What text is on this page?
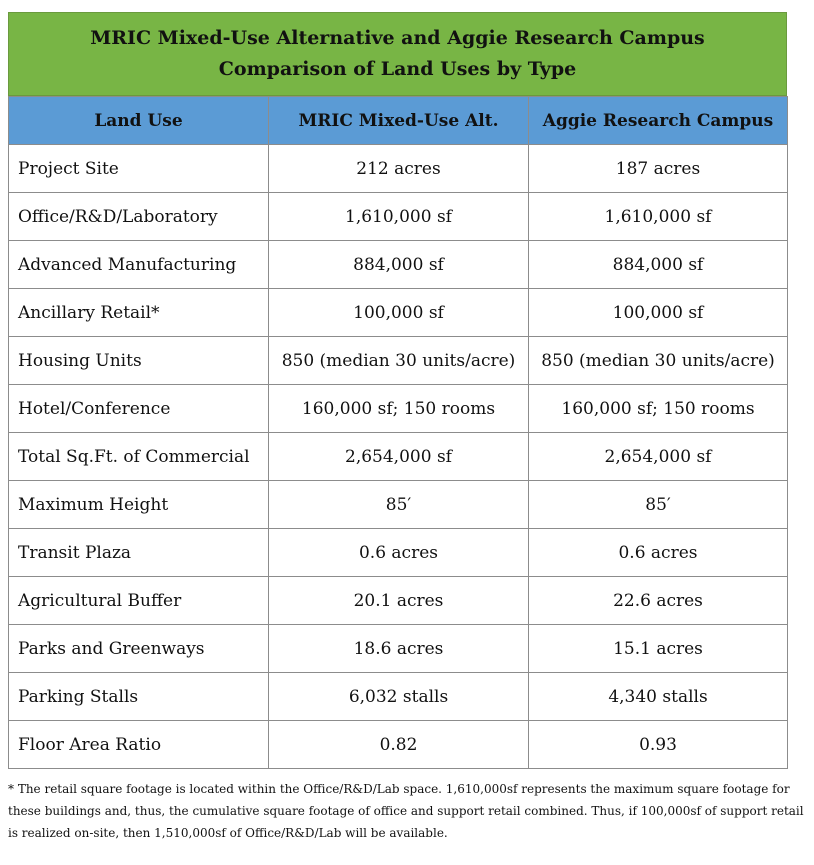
MRIC Mixed-Use Alternative and Aggie Research Campus
Comparison of Land Uses by Type
Land Use	MRIC Mixed-Use Alt.	Aggie Research Campus
Project Site	212 acres	187 acres
Office/R&D/Laboratory	1,610,000 sf	1,610,000 sf
Advanced Manufacturing	884,000 sf	884,000 sf
Ancillary Retail*	100,000 sf	100,000 sf
Housing Units	850 (median 30 units/acre)	850 (median 30 units/acre)
Hotel/Conference	160,000 sf; 150 rooms	160,000 sf; 150 rooms
Total Sq.Ft. of Commercial	2,654,000 sf	2,654,000 sf
Maximum Height	85′	85′
Transit Plaza	0.6 acres	0.6 acres
Agricultural Buffer	20.1 acres	22.6 acres
Parks and Greenways	18.6 acres	15.1 acres
Parking Stalls	6,032 stalls	4,340 stalls
Floor Area Ratio	0.82	0.93
* The retail square footage is located within the Office/R&D/Lab space. 1,610,000sf represents the maximum square footage for these buildings and, thus, the cumulative square footage of office and support retail combined. Thus, if 100,000sf of support retail is realized on-site, then 1,510,000sf of Office/R&D/Lab will be available.
